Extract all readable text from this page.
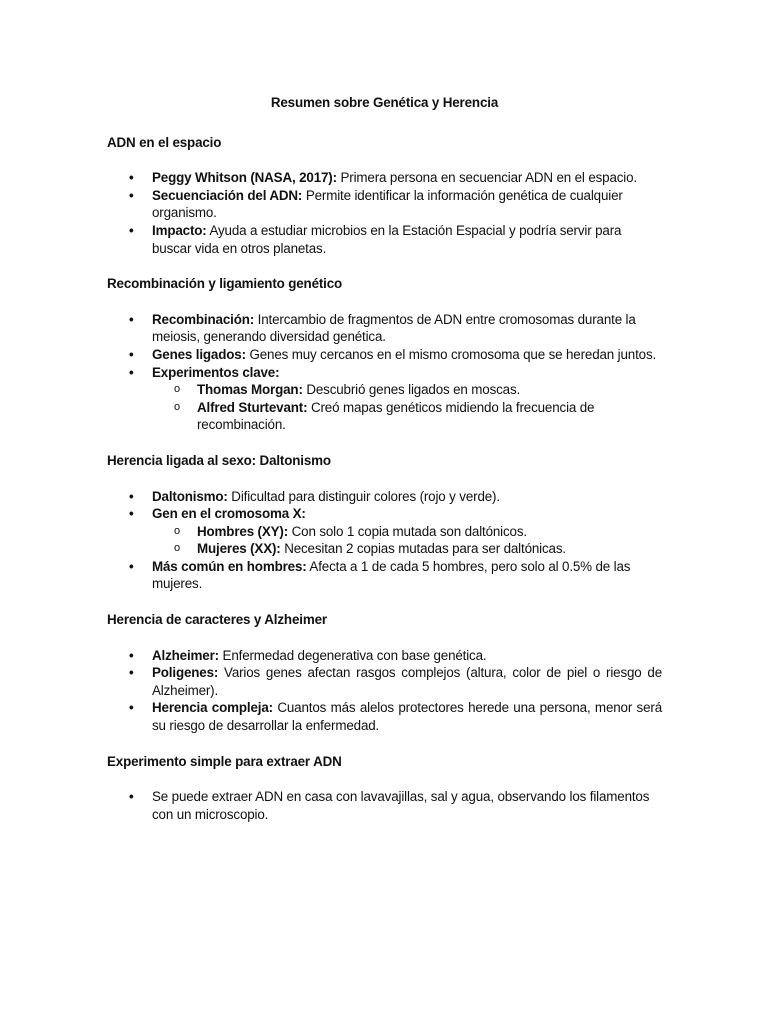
Resumen sobre Genética y Herencia

ADN en el espacio

• Peggy Whitson (NASA, 2017): Primera persona en secuenciar ADN en el espacio.
• Secuenciación del ADN: Permite identificar la información genética de cualquier organismo.
• Impacto: Ayuda a estudiar microbios en la Estación Espacial y podría servir para buscar vida en otros planetas.

Recombinación y ligamiento genético

• Recombinación: Intercambio de fragmentos de ADN entre cromosomas durante la meiosis, generando diversidad genética.
• Genes ligados: Genes muy cercanos en el mismo cromosoma que se heredan juntos.
• Experimentos clave:
o Thomas Morgan: Descubrió genes ligados en moscas.
o Alfred Sturtevant: Creó mapas genéticos midiendo la frecuencia de recombinación.

Herencia ligada al sexo: Daltonismo

• Daltonismo: Dificultad para distinguir colores (rojo y verde).
• Gen en el cromosoma X:
o Hombres (XY): Con solo 1 copia mutada son daltónicos.
o Mujeres (XX): Necesitan 2 copias mutadas para ser daltónicas.
• Más común en hombres: Afecta a 1 de cada 5 hombres, pero solo al 0.5% de las mujeres.

Herencia de caracteres y Alzheimer

• Alzheimer: Enfermedad degenerativa con base genética.
• Poligenes: Varios genes afectan rasgos complejos (altura, color de piel o riesgo de Alzheimer).
• Herencia compleja: Cuantos más alelos protectores herede una persona, menor será su riesgo de desarrollar la enfermedad.

Experimento simple para extraer ADN

• Se puede extraer ADN en casa con lavavajillas, sal y agua, observando los filamentos con un microscopio.
